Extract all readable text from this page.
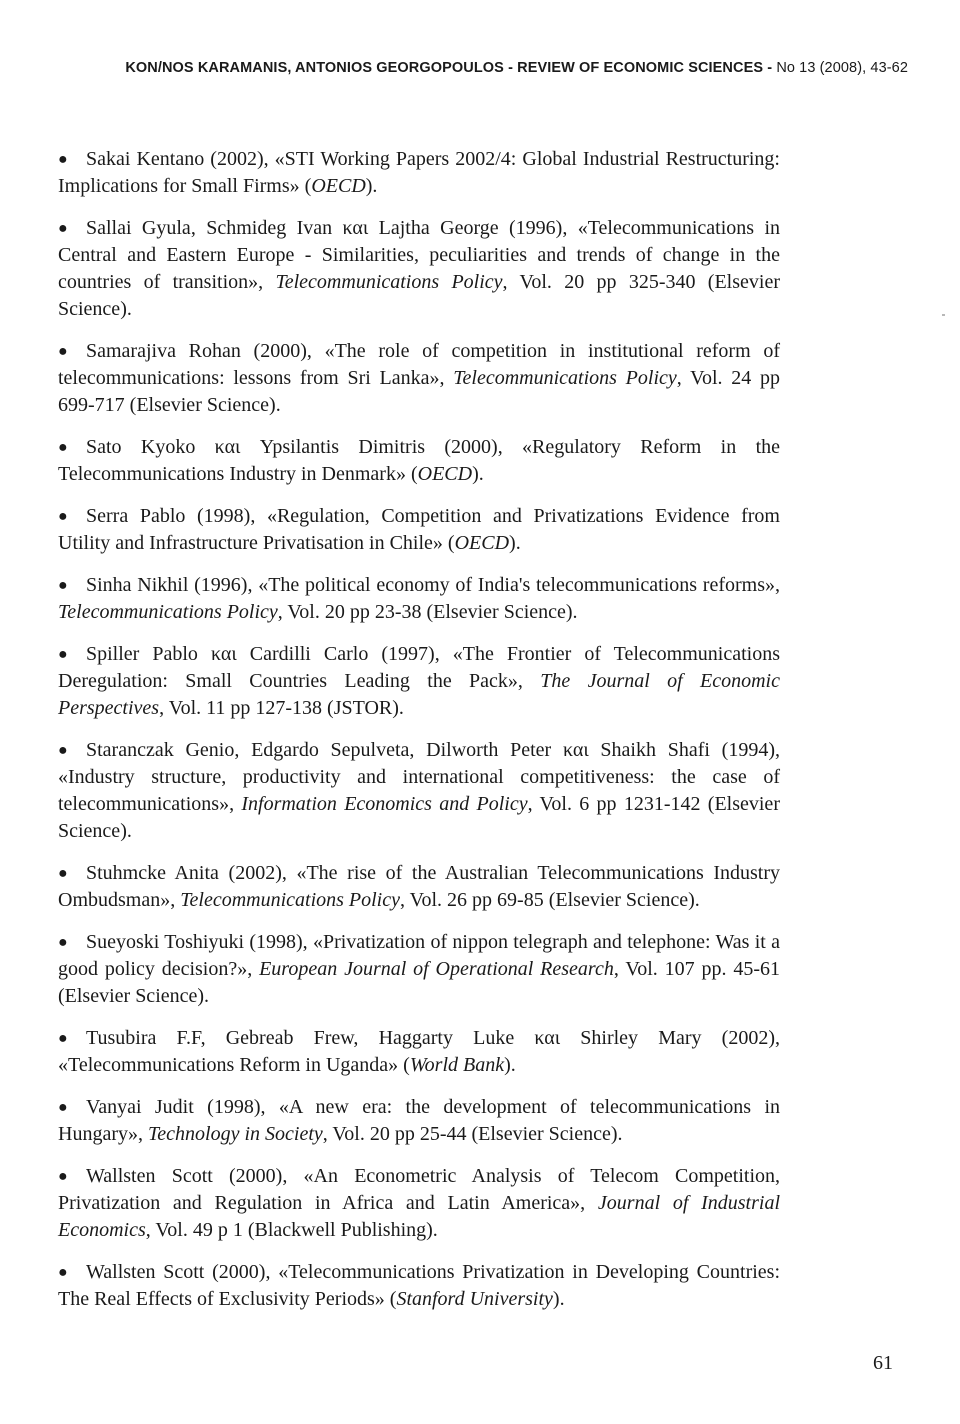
KON/NOS KARAMANIS, ANTONIOS GEORGOPOULOS - REVIEW OF ECONOMIC SCIENCES - No 13 (2008), 43-62

● Sakai Kentano (2002), «STI Working Papers 2002/4: Global Industrial Restructuring: Implications for Small Firms» (OECD).

● Sallai Gyula, Schmideg Ivan και Lajtha George (1996), «Telecommunications in Central and Eastern Europe - Similarities, peculiarities and trends of change in the countries of transition», Telecommunications Policy, Vol. 20 pp 325-340 (Elsevier Science).

● Samarajiva Rohan (2000), «The role of competition in institutional reform of telecommunications: lessons from Sri Lanka», Telecommunications Policy, Vol. 24 pp 699-717 (Elsevier Science).

● Sato Kyoko και Ypsilantis Dimitris (2000), «Regulatory Reform in the Telecommunications Industry in Denmark» (OECD).

● Serra Pablo (1998), «Regulation, Competition and Privatizations Evidence from Utility and Infrastructure Privatisation in Chile» (OECD).

● Sinha Nikhil (1996), «The political economy of India's telecommunications reforms», Telecommunications Policy, Vol. 20 pp 23-38 (Elsevier Science).

● Spiller Pablo και Cardilli Carlo (1997), «The Frontier of Telecommunications Deregulation: Small Countries Leading the Pack», The Journal of Economic Perspectives, Vol. 11 pp 127-138 (JSTOR).

● Staranczak Genio, Edgardo Sepulveta, Dilworth Peter και Shaikh Shafi (1994), «Industry structure, productivity and international competitiveness: the case of telecommunications», Information Economics and Policy, Vol. 6 pp 1231-142 (Elsevier Science).

● Stuhmcke Anita (2002), «The rise of the Australian Telecommunications Industry Ombudsman», Telecommunications Policy, Vol. 26 pp 69-85 (Elsevier Science).

● Sueyoski Toshiyuki (1998), «Privatization of nippon telegraph and telephone: Was it a good policy decision?», European Journal of Operational Research, Vol. 107 pp. 45-61 (Elsevier Science).

● Tusubira F.F, Gebreab Frew, Haggarty Luke και Shirley Mary (2002), «Telecommunications Reform in Uganda» (World Bank).

● Vanyai Judit (1998), «A new era: the development of telecommunications in Hungary», Technology in Society, Vol. 20 pp 25-44 (Elsevier Science).

● Wallsten Scott (2000), «An Econometric Analysis of Telecom Competition, Privatization and Regulation in Africa and Latin America», Journal of Industrial Economics, Vol. 49 p 1 (Blackwell Publishing).

● Wallsten Scott (2000), «Telecommunications Privatization in Developing Countries: The Real Effects of Exclusivity Periods» (Stanford University).

61
